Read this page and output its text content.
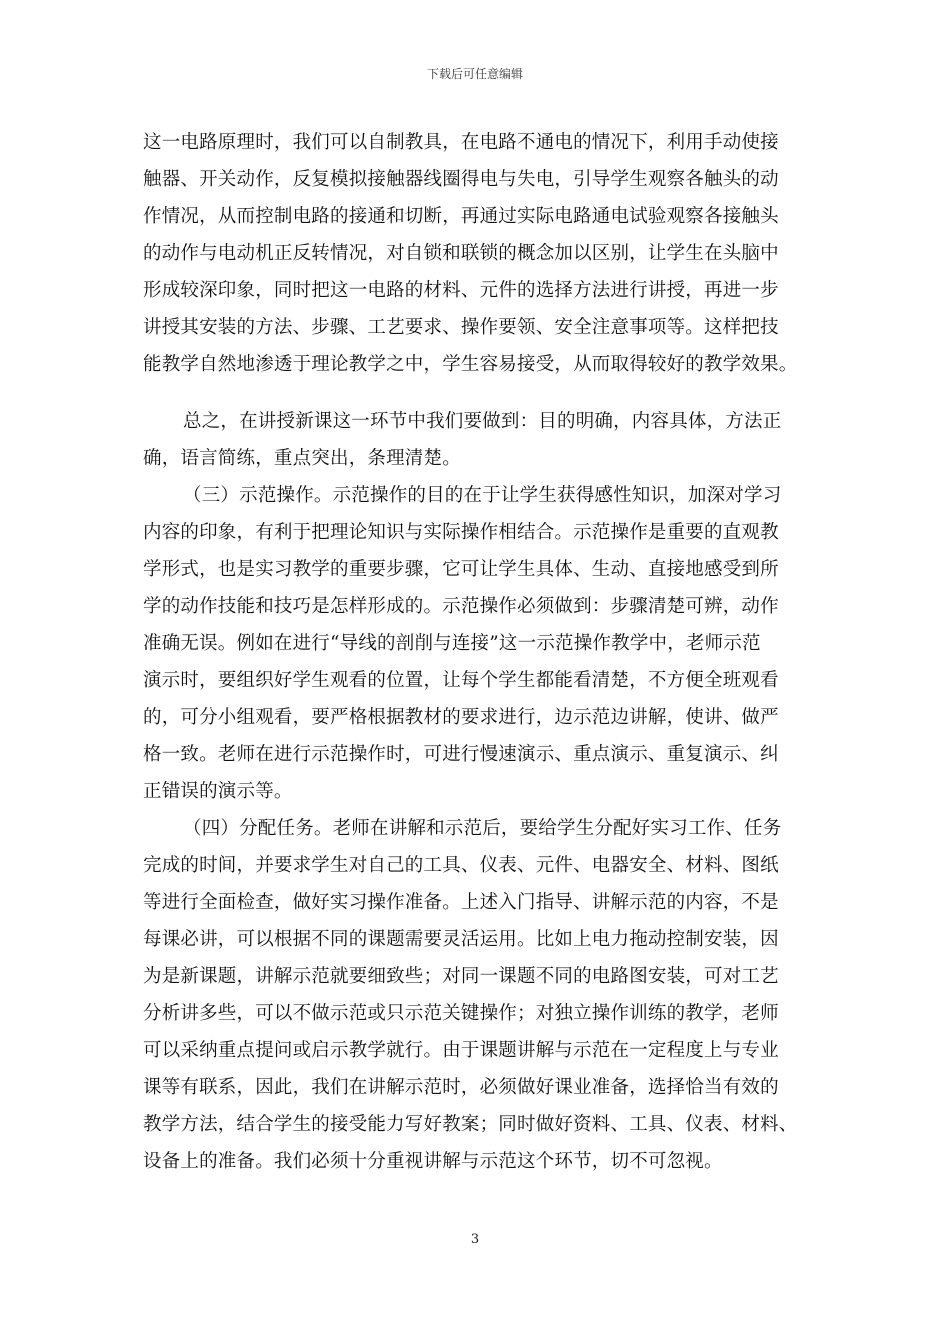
下载后可任意编辑
这一电路原理时，我们可以自制教具，在电路不通电的情况下，利用手动使接
触器、开关动作，反复模拟接触器线圈得电与失电，引导学生观察各触头的动
作情况，从而控制电路的接通和切断，再通过实际电路通电试验观察各接触头
的动作与电动机正反转情况，对自锁和联锁的概念加以区别，让学生在头脑中
形成较深印象，同时把这一电路的材料、元件的选择方法进行讲授，再进一步
讲授其安装的方法、步骤、工艺要求、操作要领、安全注意事项等。这样把技
能教学自然地渗透于理论教学之中，学生容易接受，从而取得较好的教学效果。
总之，在讲授新课这一环节中我们要做到：目的明确，内容具体，方法正
确，语言简练，重点突出，条理清楚。
（三）示范操作。示范操作的目的在于让学生获得感性知识，加深对学习
内容的印象，有利于把理论知识与实际操作相结合。示范操作是重要的直观教
学形式，也是实习教学的重要步骤，它可让学生具体、生动、直接地感受到所
学的动作技能和技巧是怎样形成的。示范操作必须做到：步骤清楚可辨，动作
准确无误。例如在进行“导线的剖削与连接”这一示范操作教学中，老师示范
演示时，要组织好学生观看的位置，让每个学生都能看清楚，不方便全班观看
的，可分小组观看，要严格根据教材的要求进行，边示范边讲解，使讲、做严
格一致。老师在进行示范操作时，可进行慢速演示、重点演示、重复演示、纠
正错误的演示等。
（四）分配任务。老师在讲解和示范后，要给学生分配好实习工作、任务
完成的时间，并要求学生对自己的工具、仪表、元件、电器安全、材料、图纸
等进行全面检查，做好实习操作准备。上述入门指导、讲解示范的内容，不是
每课必讲，可以根据不同的课题需要灵活运用。比如上电力拖动控制安装，因
为是新课题，讲解示范就要细致些；对同一课题不同的电路图安装，可对工艺
分析讲多些，可以不做示范或只示范关键操作；对独立操作训练的教学，老师
可以采纳重点提问或启示教学就行。由于课题讲解与示范在一定程度上与专业
课等有联系，因此，我们在讲解示范时，必须做好课业准备，选择恰当有效的
教学方法，结合学生的接受能力写好教案；同时做好资料、工具、仪表、材料、
设备上的准备。我们必须十分重视讲解与示范这个环节，切不可忽视。
3
